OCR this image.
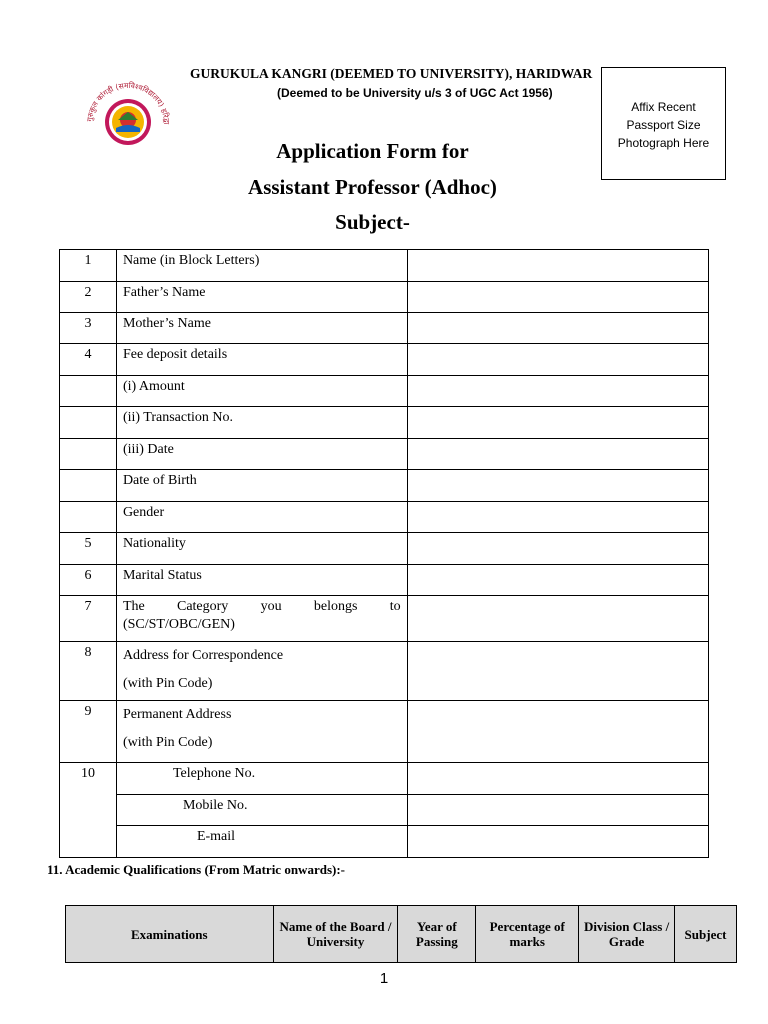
GURUKULA KANGRI (DEEMED TO UNIVERSITY), HARIDWAR
(Deemed to be University u/s 3 of UGC Act 1956)
गुरुकुल कांगड़ी (समविश्वविद्यालय) हरिद्वा
Affix Recent
Passport Size
Photograph Here
Application Form for
Assistant Professor (Adhoc)
Subject-
1	Name (in Block Letters)	
2	Father’s Name	
3	Mother’s Name	
4	Fee deposit details	
	(i) Amount	
	(ii) Transaction No.	
	(iii) Date	
	Date of Birth	
	Gender	
5	Nationality	
6	Marital Status	
7	The Category you belongs to
(SC/ST/OBC/GEN)	
8	Address for Correspondence
(with Pin Code)	

9	Permanent Address
(with Pin Code)	

10	Telephone No.	
	Mobile No.	
	E-mail	
11. Academic Qualifications (From Matric onwards):-
Examinations	Name of the Board / University	Year of Passing	Percentage of marks	Division Class / Grade	Subject
1
